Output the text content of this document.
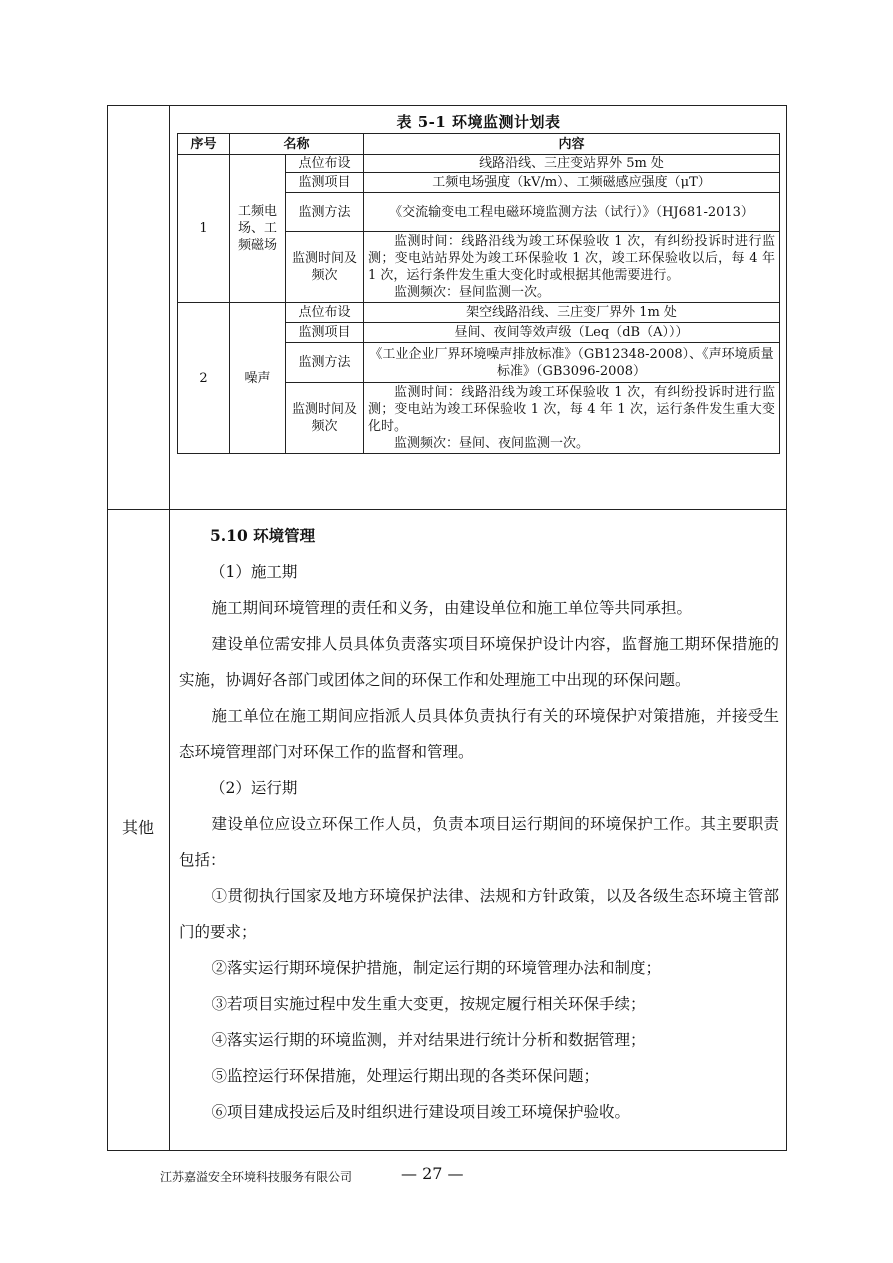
其他
表 5-1 环境监测计划表
序号	名称		内容
1	工频电场、工频磁场	点位布设	线路沿线、三庄变站界外 5m 处
		监测项目	工频电场强度（kV/m）、工频磁感应强度（μT）
		监测方法	《交流输变电工程电磁环境监测方法（试行）》（HJ681-2013）
		监测时间及频次	监测时间：线路沿线为竣工环保验收 1 次，有纠纷投诉时进行监测；变电站站界处为竣工环保验收 1 次，竣工环保验收以后，每 4 年 1 次，运行条件发生重大变化时或根据其他需要进行。
			监测频次：昼间监测一次。
2	噪声	点位布设	架空线路沿线、三庄变厂界外 1m 处
		监测项目	昼间、夜间等效声级（Leq（dB（A）））
		监测方法	《工业企业厂界环境噪声排放标准》（GB12348-2008）、《声环境质量标准》（GB3096-2008）
		监测时间及频次	监测时间：线路沿线为竣工环保验收 1 次，有纠纷投诉时进行监测；变电站为竣工环保验收 1 次，每 4 年 1 次，运行条件发生重大变化时。
			监测频次：昼间、夜间监测一次。

5.10 环境管理

（1）施工期

施工期间环境管理的责任和义务，由建设单位和施工单位等共同承担。

建设单位需安排人员具体负责落实项目环境保护设计内容，监督施工期环保措施的实施，协调好各部门或团体之间的环保工作和处理施工中出现的环保问题。

施工单位在施工期间应指派人员具体负责执行有关的环境保护对策措施，并接受生态环境管理部门对环保工作的监督和管理。

（2）运行期

建设单位应设立环保工作人员，负责本项目运行期间的环境保护工作。其主要职责包括：

①贯彻执行国家及地方环境保护法律、法规和方针政策，以及各级生态环境主管部门的要求；

②落实运行期环境保护措施，制定运行期的环境管理办法和制度；

③若项目实施过程中发生重大变更，按规定履行相关环保手续；

④落实运行期的环境监测，并对结果进行统计分析和数据管理；

⑤监控运行环保措施，处理运行期出现的各类环保问题；

⑥项目建成投运后及时组织进行建设项目竣工环境保护验收。

江苏嘉溢安全环境科技服务有限公司	— 27 —
